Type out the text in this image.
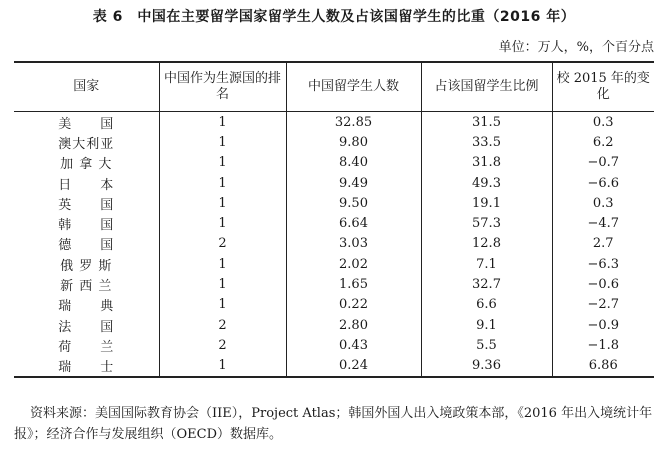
表 6　中国在主要留学国家留学生人数及占该国留学生的比重（2016 年）
单位：万人，%，个百分点
国家	中国作为生源国的排名	中国留学生人数	占该国留学生比例	校 2015 年的变化
美　　国	1	32.85	31.5	0.3
澳大利亚	1	9.80	33.5	6.2
加 拿 大	1	8.40	31.8	−0.7
日　　本	1	9.49	49.3	−6.6
英　　国	1	9.50	19.1	0.3
韩　　国	1	6.64	57.3	−4.7
德　　国	2	3.03	12.8	2.7
俄 罗 斯	1	2.02	7.1	−6.3
新 西 兰	1	1.65	32.7	−0.6
瑞　　典	1	0.22	6.6	−2.7
法　　国	2	2.80	9.1	−0.9
荷　　兰	2	0.43	5.5	−1.8
瑞　　士	1	0.24	9.36	6.86
资料来源：美国国际教育协会（IIE），Project Atlas；韩国外国人出入境政策本部，《2016 年出入境统计年报》；经济合作与发展组织（OECD）数据库。
